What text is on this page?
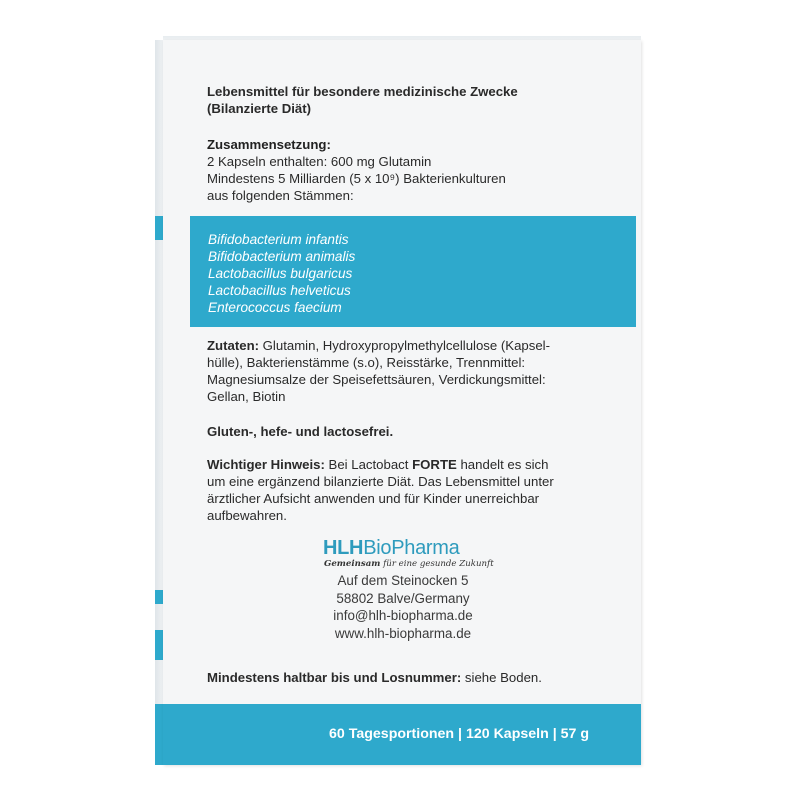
Lebensmittel für besondere medizinische Zwecke
(Bilanzierte Diät)
Zusammensetzung:
2 Kapseln enthalten: 600 mg Glutamin
Mindestens 5 Milliarden (5 x 10⁹) Bakterienkulturen
aus folgenden Stämmen:
Bifidobacterium infantis
Bifidobacterium animalis
Lactobacillus bulgaricus
Lactobacillus helveticus
Enterococcus faecium
Zutaten: Glutamin, Hydroxypropylmethylcellulose (Kapsel-
hülle), Bakterienstämme (s.o), Reisstärke, Trennmittel:
Magnesiumsalze der Speisefettsäuren, Verdickungsmittel:
Gellan, Biotin
Gluten-, hefe- und lactosefrei.
Wichtiger Hinweis: Bei Lactobact FORTE handelt es sich
um eine ergänzend bilanzierte Diät. Das Lebensmittel unter
ärztlicher Aufsicht anwenden und für Kinder unerreichbar
aufbewahren.
HLHBioPharma
Gemeinsam für eine gesunde Zukunft
Auf dem Steinocken 5
58802 Balve/Germany
info@hlh-biopharma.de
www.hlh-biopharma.de
Mindestens haltbar bis und Losnummer: siehe Boden.
60 Tagesportionen | 120 Kapseln | 57 g
